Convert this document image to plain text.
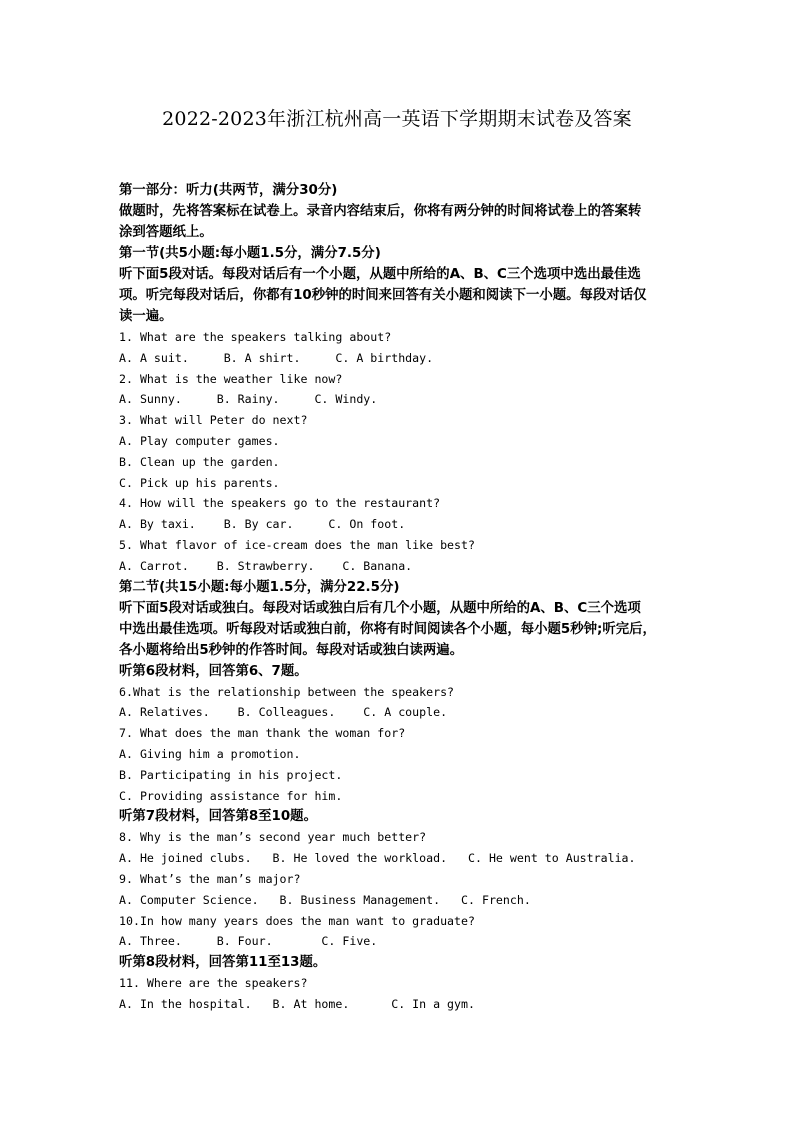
2022-2023年浙江杭州高一英语下学期期末试卷及答案
第一部分：听力(共两节，满分30分)
做题时，先将答案标在试卷上。录音内容结束后，你将有两分钟的时间将试卷上的答案转
涂到答题纸上。
第一节(共5小题:每小题1.5分，满分7.5分)
听下面5段对话。每段对话后有一个小题，从题中所给的A、B、C三个选项中选出最佳选
项。听完每段对话后，你都有10秒钟的时间来回答有关小题和阅读下一小题。每段对话仅
读一遍。
1. What are the speakers talking about?
A. A suit.     B. A shirt.     C. A birthday.
2. What is the weather like now?
A. Sunny.     B. Rainy.     C. Windy.
3. What will Peter do next?
A. Play computer games.
B. Clean up the garden.
C. Pick up his parents.
4. How will the speakers go to the restaurant?
A. By taxi.    B. By car.     C. On foot.
5. What flavor of ice-cream does the man like best?
A. Carrot.    B. Strawberry.    C. Banana.
第二节(共15小题:每小题1.5分，满分22.5分)
听下面5段对话或独白。每段对话或独白后有几个小题，从题中所给的A、B、C三个选项
中选出最佳选项。听每段对话或独白前，你将有时间阅读各个小题，每小题5秒钟;听完后，
各小题将给出5秒钟的作答时间。每段对话或独白读两遍。
听第6段材料，回答第6、7题。
6.What is the relationship between the speakers?
A. Relatives.    B. Colleagues.    C. A couple.
7. What does the man thank the woman for?
A. Giving him a promotion.
B. Participating in his project.
C. Providing assistance for him.
听第7段材料，回答第8至10题。
8. Why is the man’s second year much better?
A. He joined clubs.   B. He loved the workload.   C. He went to Australia.
9. What’s the man’s major?
A. Computer Science.   B. Business Management.   C. French.
10.In how many years does the man want to graduate?
A. Three.     B. Four.       C. Five.
听第8段材料，回答第11至13题。
11. Where are the speakers?
A. In the hospital.   B. At home.      C. In a gym.
